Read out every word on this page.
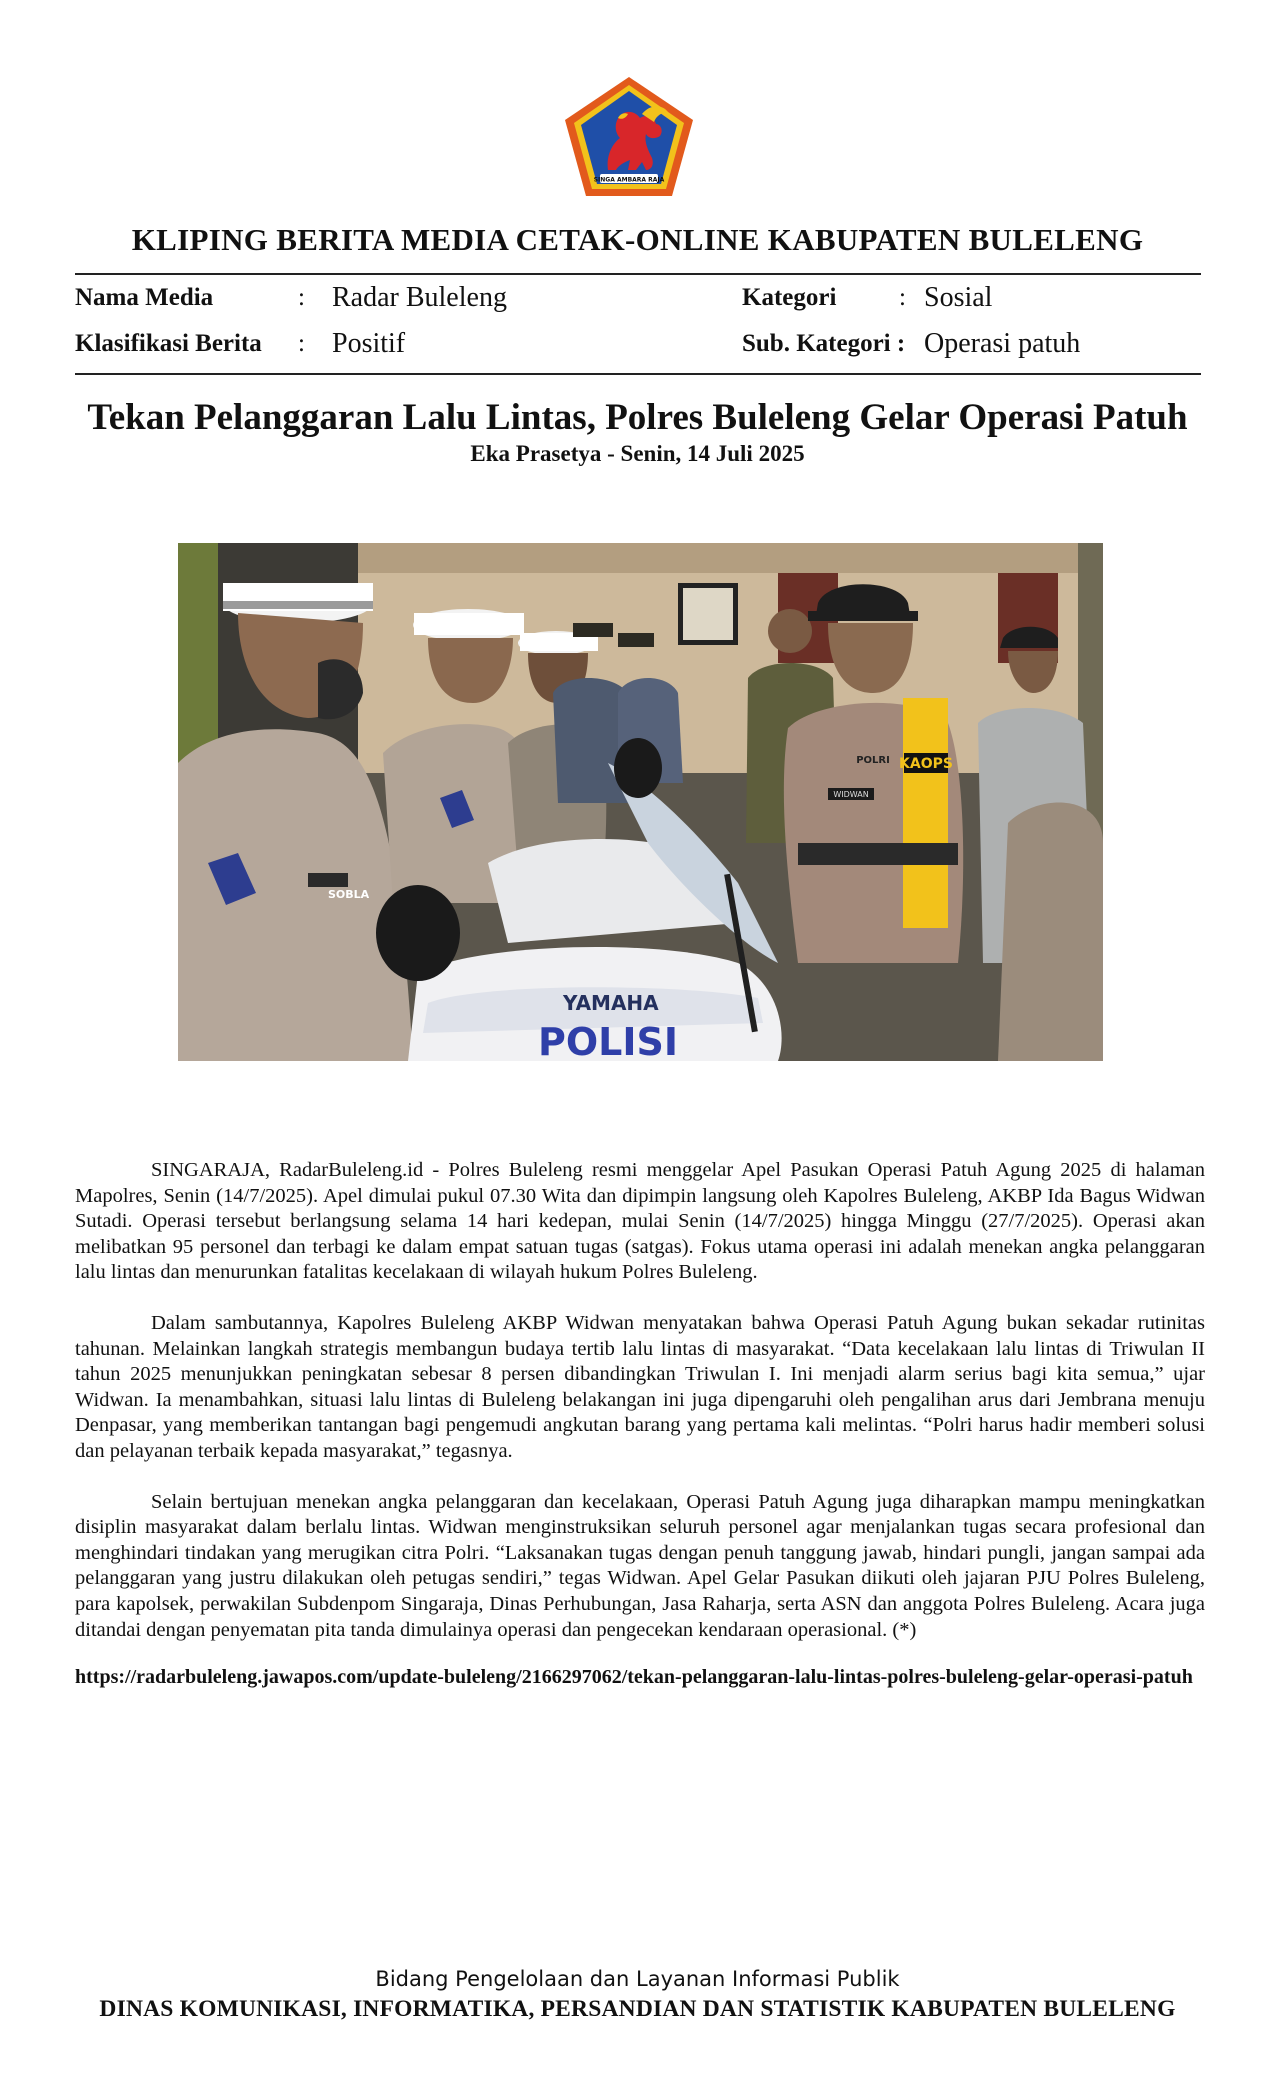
SINGA AMBARA RAJA
KLIPING BERITA MEDIA CETAK-ONLINE KABUPATEN BULELENG
Nama Media	: Radar Buleleng	Kategori	: Sosial
Klasifikasi Berita : Positif	Sub. Kategori : Operasi patuh
Tekan Pelanggaran Lalu Lintas, Polres Buleleng Gelar Operasi Patuh
Eka Prasetya - Senin, 14 Juli 2025
KAOPS
WIDWAN
POLRI
YAMAHA
POLISI
SOBLA

SINGARAJA, RadarBuleleng.id - Polres Buleleng resmi menggelar Apel Pasukan Operasi Patuh Agung 2025 di halaman Mapolres, Senin (14/7/2025). Apel dimulai pukul 07.30 Wita dan dipimpin langsung oleh Kapolres Buleleng, AKBP Ida Bagus Widwan Sutadi. Operasi tersebut berlangsung selama 14 hari kedepan, mulai Senin (14/7/2025) hingga Minggu (27/7/2025). Operasi akan melibatkan 95 personel dan terbagi ke dalam empat satuan tugas (satgas). Fokus utama operasi ini adalah menekan angka pelanggaran lalu lintas dan menurunkan fatalitas kecelakaan di wilayah hukum Polres Buleleng.

Dalam sambutannya, Kapolres Buleleng AKBP Widwan menyatakan bahwa Operasi Patuh Agung bukan sekadar rutinitas tahunan. Melainkan langkah strategis membangun budaya tertib lalu lintas di masyarakat. “Data kecelakaan lalu lintas di Triwulan II tahun 2025 menunjukkan peningkatan sebesar 8 persen dibandingkan Triwulan I. Ini menjadi alarm serius bagi kita semua,” ujar Widwan. Ia menambahkan, situasi lalu lintas di Buleleng belakangan ini juga dipengaruhi oleh pengalihan arus dari Jembrana menuju Denpasar, yang memberikan tantangan bagi pengemudi angkutan barang yang pertama kali melintas. “Polri harus hadir memberi solusi dan pelayanan terbaik kepada masyarakat,” tegasnya.

Selain bertujuan menekan angka pelanggaran dan kecelakaan, Operasi Patuh Agung juga diharapkan mampu meningkatkan disiplin masyarakat dalam berlalu lintas. Widwan menginstruksikan seluruh personel agar menjalankan tugas secara profesional dan menghindari tindakan yang merugikan citra Polri. “Laksanakan tugas dengan penuh tanggung jawab, hindari pungli, jangan sampai ada pelanggaran yang justru dilakukan oleh petugas sendiri,” tegas Widwan. Apel Gelar Pasukan diikuti oleh jajaran PJU Polres Buleleng, para kapolsek, perwakilan Subdenpom Singaraja, Dinas Perhubungan, Jasa Raharja, serta ASN dan anggota Polres Buleleng. Acara juga ditandai dengan penyematan pita tanda dimulainya operasi dan pengecekan kendaraan operasional. (*)

https://radarbuleleng.jawapos.com/update-buleleng/2166297062/tekan-pelanggaran-lalu-lintas-polres-buleleng-gelar-operasi-patuh
Bidang Pengelolaan dan Layanan Informasi Publik
DINAS KOMUNIKASI, INFORMATIKA, PERSANDIAN DAN STATISTIK KABUPATEN BULELENG
